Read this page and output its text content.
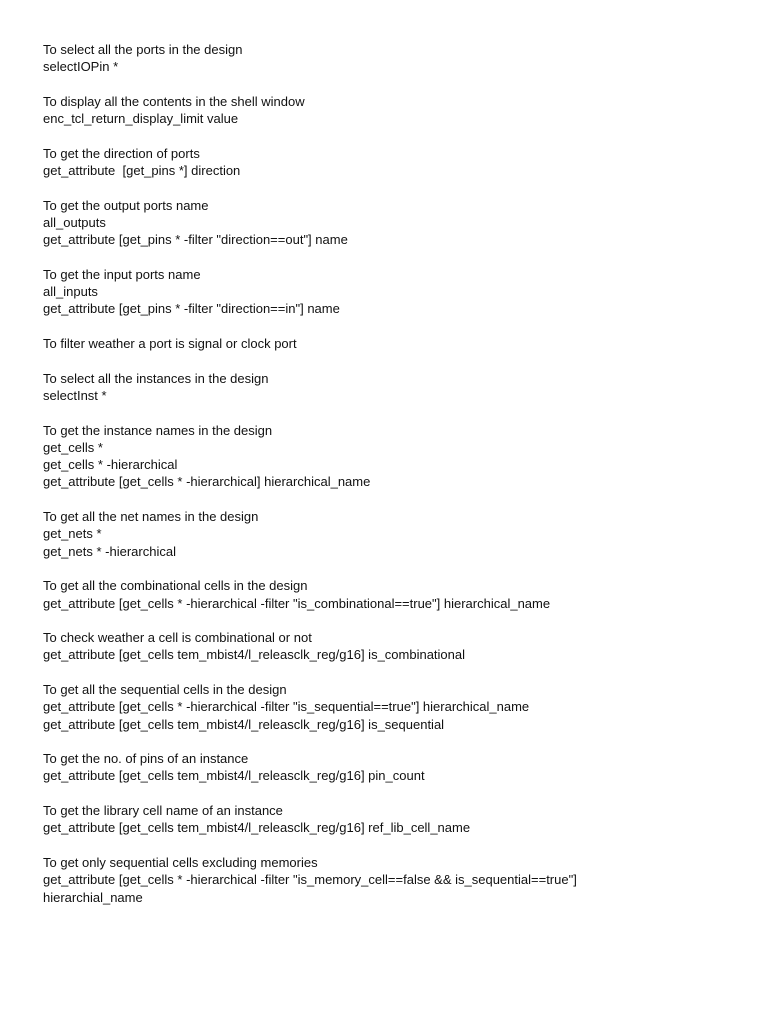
To select all the ports in the design
selectIOPin *
To display all the contents in the shell window
enc_tcl_return_display_limit value
To get the direction of ports
get_attribute  [get_pins *] direction
To get the output ports name
all_outputs
get_attribute [get_pins * -filter "direction==out"] name
To get the input ports name
all_inputs
get_attribute [get_pins * -filter "direction==in"] name
To filter weather a port is signal or clock port
To select all the instances in the design
selectInst *
To get the instance names in the design
get_cells *
get_cells * -hierarchical
get_attribute [get_cells * -hierarchical] hierarchical_name
To get all the net names in the design
get_nets *
get_nets * -hierarchical
To get all the combinational cells in the design
get_attribute [get_cells * -hierarchical -filter "is_combinational==true"] hierarchical_name
To check weather a cell is combinational or not
get_attribute [get_cells tem_mbist4/l_releasclk_reg/g16] is_combinational
To get all the sequential cells in the design
get_attribute [get_cells * -hierarchical -filter "is_sequential==true"] hierarchical_name
get_attribute [get_cells tem_mbist4/l_releasclk_reg/g16] is_sequential
To get the no. of pins of an instance
get_attribute [get_cells tem_mbist4/l_releasclk_reg/g16] pin_count
To get the library cell name of an instance
get_attribute [get_cells tem_mbist4/l_releasclk_reg/g16] ref_lib_cell_name
To get only sequential cells excluding memories
get_attribute [get_cells * -hierarchical -filter "is_memory_cell==false && is_sequential==true"]
hierarchial_name
